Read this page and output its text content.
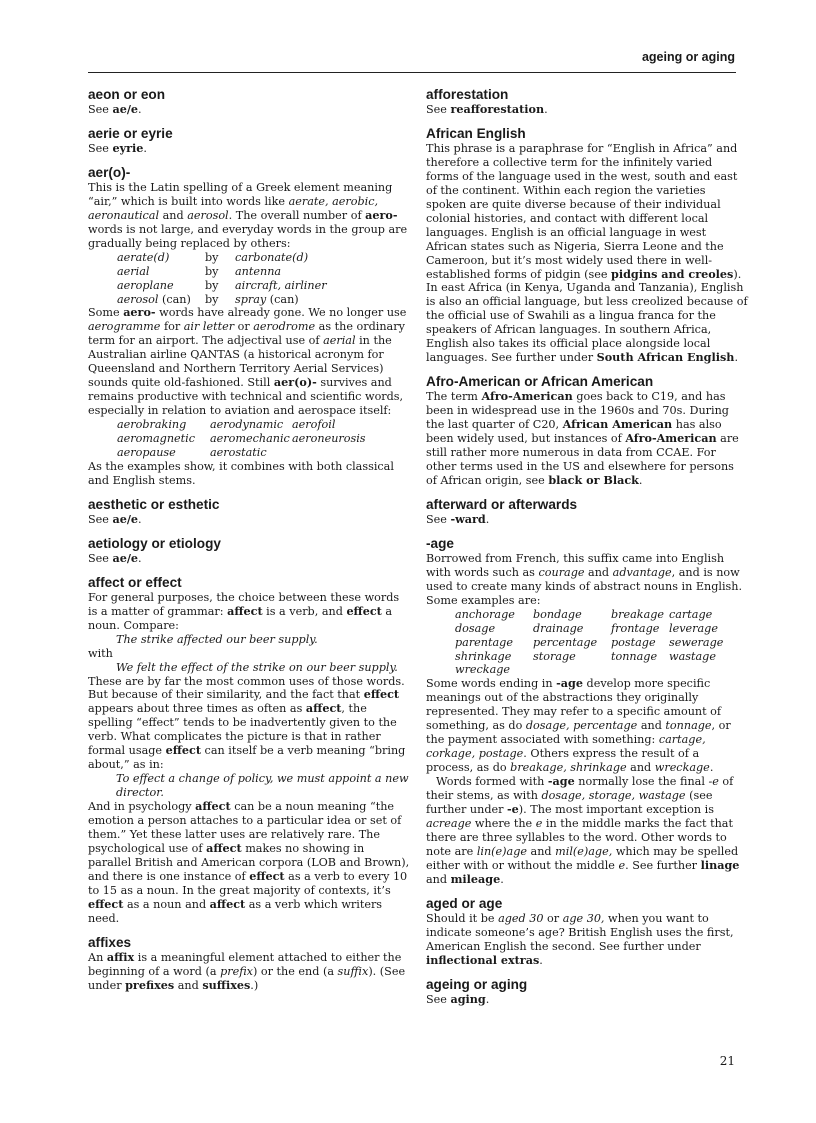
ageing or aging
aeon or eon
See ae/e.
aerie or eyrie
See eyrie.
aer(o)-
This is the Latin spelling of a Greek element meaning “air,” which is built into words like aerate, aerobic, aeronautical and aerosol. The overall number of aero- words is not large, and everyday words in the group are gradually being replaced by others:
aerate(d)	by	carbonate(d)
aerial	by	antenna
aeroplane	by	aircraft, airliner
aerosol (can)	by	spray (can)
Some aero- words have already gone. We no longer use aerogramme for air letter or aerodrome as the ordinary term for an airport. The adjectival use of aerial in the Australian airline QANTAS (a historical acronym for Queensland and Northern Territory Aerial Services) sounds quite old-fashioned. Still aer(o)- survives and remains productive with technical and scientific words, especially in relation to aviation and aerospace itself:
aerobraking	aerodynamic aerofoil
aeromagnetic	aeromechanic aeroneurosis
aeropause	aerostatic
As the examples show, it combines with both classical and English stems.
aesthetic or esthetic
See ae/e.
aetiology or etiology
See ae/e.
affect or effect
For general purposes, the choice between these words is a matter of grammar: affect is a verb, and effect a noun. Compare:
The strike affected our beer supply.
with
We felt the effect of the strike on our beer supply.
These are by far the most common uses of those words. But because of their similarity, and the fact that effect appears about three times as often as affect, the spelling “effect” tends to be inadvertently given to the verb. What complicates the picture is that in rather formal usage effect can itself be a verb meaning “bring about,” as in:
To effect a change of policy, we must appoint a new director.
And in psychology affect can be a noun meaning “the emotion a person attaches to a particular idea or set of them.” Yet these latter uses are relatively rare. The psychological use of affect makes no showing in parallel British and American corpora (LOB and Brown), and there is one instance of effect as a verb to every 10 to 15 as a noun. In the great majority of contexts, it’s effect as a noun and affect as a verb which writers need.
affixes
An affix is a meaningful element attached to either the beginning of a word (a prefix) or the end (a suffix). (See under prefixes and suffixes.)
afforestation
See reafforestation.
African English
This phrase is a paraphrase for “English in Africa” and therefore a collective term for the infinitely varied forms of the language used in the west, south and east of the continent. Within each region the varieties spoken are quite diverse because of their individual colonial histories, and contact with different local languages. English is an official language in west African states such as Nigeria, Sierra Leone and the Cameroon, but it’s most widely used there in well-established forms of pidgin (see pidgins and creoles). In east Africa (in Kenya, Uganda and Tanzania), English is also an official language, but less creolized because of the official use of Swahili as a lingua franca for the speakers of African languages. In southern Africa, English also takes its official place alongside local languages. See further under South African English.
Afro-American or African American
The term Afro-American goes back to C19, and has been in widespread use in the 1960s and 70s. During the last quarter of C20, African American has also been widely used, but instances of Afro-American are still rather more numerous in data from CCAE. For other terms used in the US and elsewhere for persons of African origin, see black or Black.
afterward or afterwards
See -ward.
-age
Borrowed from French, this suffix came into English with words such as courage and advantage, and is now used to create many kinds of abstract nouns in English. Some examples are:
anchorage	bondage	breakage cartage
dosage	drainage	frontage leverage
parentage	percentage	postage	sewerage
shrinkage	storage	tonnage	wastage
wreckage
Some words ending in -age develop more specific meanings out of the abstractions they originally represented. They may refer to a specific amount of something, as do dosage, percentage and tonnage, or the payment associated with something: cartage, corkage, postage. Others express the result of a process, as do breakage, shrinkage and wreckage.
Words formed with -age normally lose the final -e of their stems, as with dosage, storage, wastage (see further under -e). The most important exception is acreage where the e in the middle marks the fact that there are three syllables to the word. Other words to note are lin(e)age and mil(e)age, which may be spelled either with or without the middle e. See further linage and mileage.
aged or age
Should it be aged 30 or age 30, when you want to indicate someone’s age? British English uses the first, American English the second. See further under inflectional extras.
ageing or aging
See aging.
21
